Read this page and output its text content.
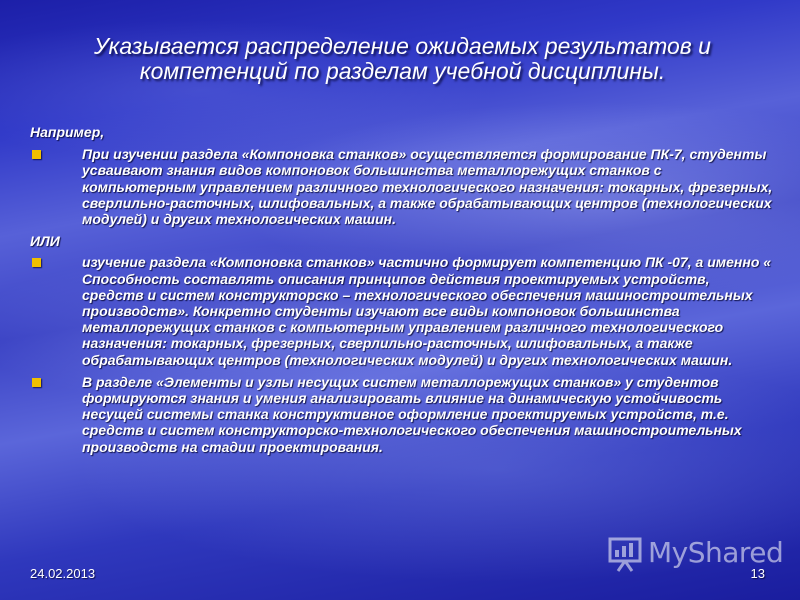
Указывается распределение ожидаемых результатов и компетенций по разделам учебной дисциплины.

Например,

При изучении раздела «Компоновка станков» осуществляется формирование ПК-7, студенты усваивают знания видов компоновок большинства металлорежущих станков с компьютерным управлением различного технологического назначения: токарных, фрезерных, сверлильно-расточных, шлифовальных, а также обрабатывающих центров (технологических модулей) и других технологических машин.

ИЛИ

изучение раздела «Компоновка станков» частично формирует компетенцию ПК -07, а именно « Способность составлять описания принципов действия проектируемых устройств, средств и систем конструкторско – технологического обеспечения машиностроительных производств». Конкретно студенты изучают все виды компоновок большинства металлорежущих станков с компьютерным управлением различного технологического назначения: токарных, фрезерных, сверлильно-расточных, шлифовальных, а также обрабатывающих центров (технологических модулей) и других технологических машин.
В разделе «Элементы и узлы несущих систем металлорежущих станков» у студентов формируются знания и умения анализировать влияние на динамическую устойчивость несущей системы станка конструктивное оформление проектируемых устройств, т.е. средств и систем конструкторско-технологического обеспечения машиностроительных производств на стадии проектирования.
MyShared
24.02.2013	13
